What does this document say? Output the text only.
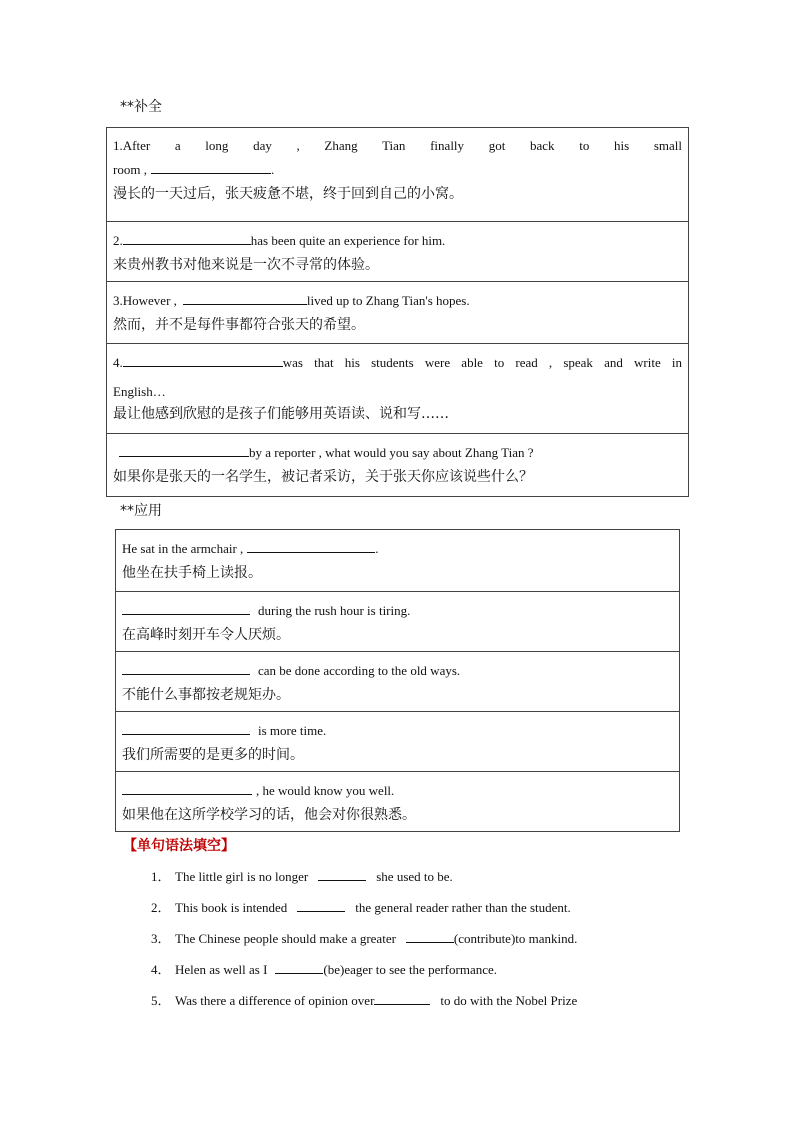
**补全
1.After a long day , Zhang Tian finally got back to his small
room ,	.
漫长的一天过后，张天疲惫不堪，终于回到自己的小窝。

2.	has been quite an experience for him.
来贵州教书对他来说是一次不寻常的体验。

3.However ,	lived up to Zhang Tian's hopes.
然而，并不是每件事都符合张天的希望。

4.	was that his students were able to read , speak and write in
English…
最让他感到欣慰的是孩子们能够用英语读、说和写……

by a reporter , what would you say about Zhang Tian ?
如果你是张天的一名学生，被记者采访，关于张天你应该说些什么？
**应用
He sat in the armchair ,	.
他坐在扶手椅上读报。

during the rush hour is tiring.
在高峰时刻开车令人厌烦。

can be done according to the old ways.
不能什么事都按老规矩办。

is more time.
我们所需要的是更多的时间。

, he would know you well.
如果他在这所学校学习的话，他会对你很熟悉。
【单句语法填空】
1． The little girl is no longer	she used to be.
2． This book is intended	the general reader rather than the student.
3． The Chinese people should make a greater	(contribute)to mankind.
4． Helen as well as I	(be)eager to see the performance.
5． Was there a difference of opinion over	to do with the Nobel Prize
